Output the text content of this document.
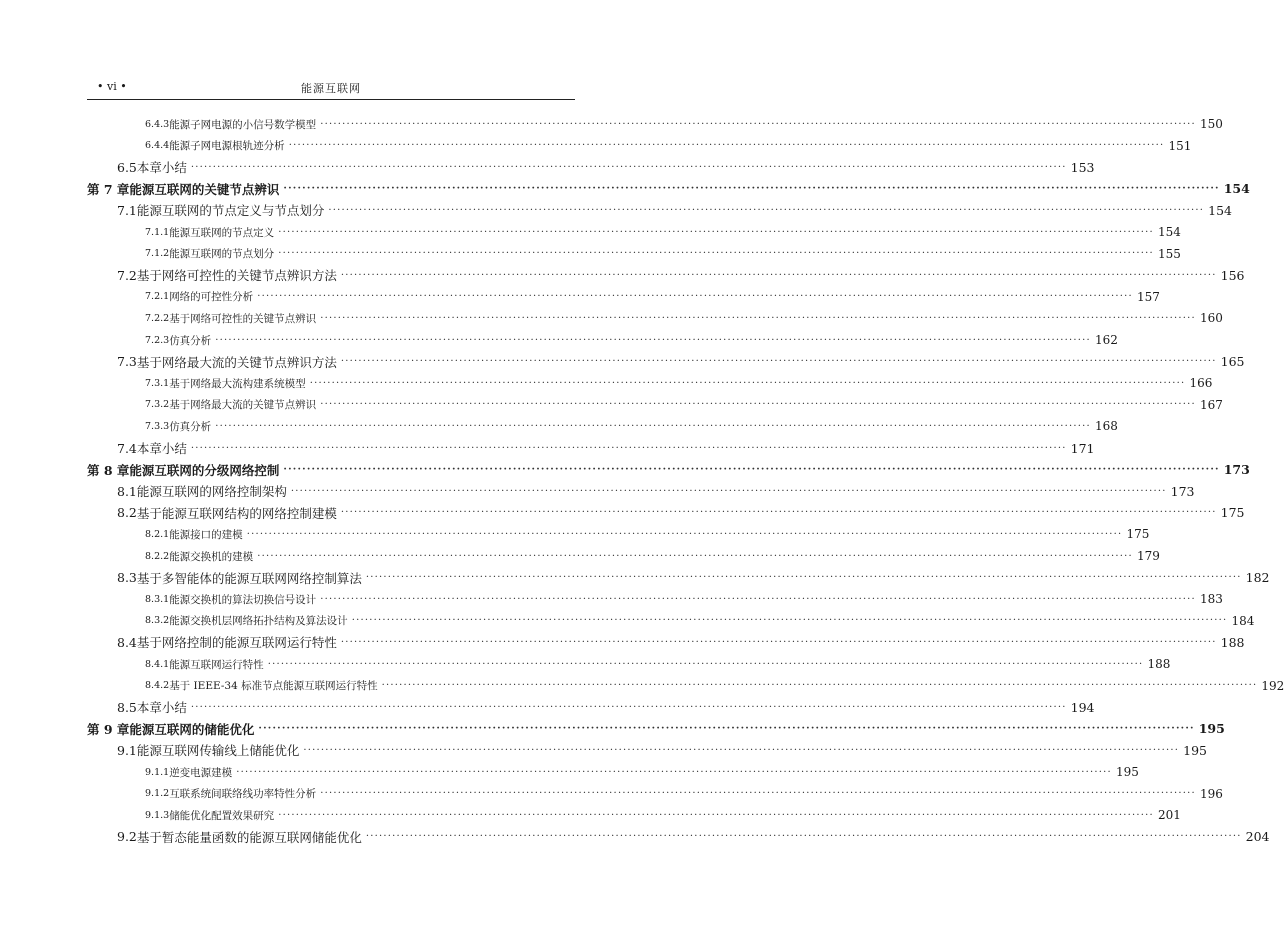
• vi •	能源互联网
6.4.3 能源子网电源的小信号数学模型 ········································································································································································································ 150
6.4.4 能源子网电源根轨迹分析 ········································································································································································································ 151
6.5 本章小结 ········································································································································································································ 153
第 7 章 能源互联网的关键节点辨识 ········································································································································································································ 154
7.1 能源互联网的节点定义与节点划分 ········································································································································································································ 154
7.1.1 能源互联网的节点定义 ········································································································································································································ 154
7.1.2 能源互联网的节点划分 ········································································································································································································ 155
7.2 基于网络可控性的关键节点辨识方法 ········································································································································································································ 156
7.2.1 网络的可控性分析 ········································································································································································································ 157
7.2.2 基于网络可控性的关键节点辨识 ········································································································································································································ 160
7.2.3 仿真分析 ········································································································································································································ 162
7.3 基于网络最大流的关键节点辨识方法 ········································································································································································································ 165
7.3.1 基于网络最大流构建系统模型 ········································································································································································································ 166
7.3.2 基于网络最大流的关键节点辨识 ········································································································································································································ 167
7.3.3 仿真分析 ········································································································································································································ 168
7.4 本章小结 ········································································································································································································ 171
第 8 章 能源互联网的分级网络控制 ········································································································································································································ 173
8.1 能源互联网的网络控制架构 ········································································································································································································ 173
8.2 基于能源互联网结构的网络控制建模 ········································································································································································································ 175
8.2.1 能源接口的建模 ········································································································································································································ 175
8.2.2 能源交换机的建模 ········································································································································································································ 179
8.3 基于多智能体的能源互联网网络控制算法 ········································································································································································································ 182
8.3.1 能源交换机的算法切换信号设计 ········································································································································································································ 183
8.3.2 能源交换机层网络拓扑结构及算法设计 ········································································································································································································ 184
8.4 基于网络控制的能源互联网运行特性 ········································································································································································································ 188
8.4.1 能源互联网运行特性 ········································································································································································································ 188
8.4.2 基于 IEEE-34 标准节点能源互联网运行特性 ········································································································································································································ 192
8.5 本章小结 ········································································································································································································ 194
第 9 章 能源互联网的储能优化 ········································································································································································································ 195
9.1 能源互联网传输线上储能优化 ········································································································································································································ 195
9.1.1 逆变电源建模 ········································································································································································································ 195
9.1.2 互联系统间联络线功率特性分析 ········································································································································································································ 196
9.1.3 储能优化配置效果研究 ········································································································································································································ 201
9.2 基于暂态能量函数的能源互联网储能优化 ········································································································································································································ 204
